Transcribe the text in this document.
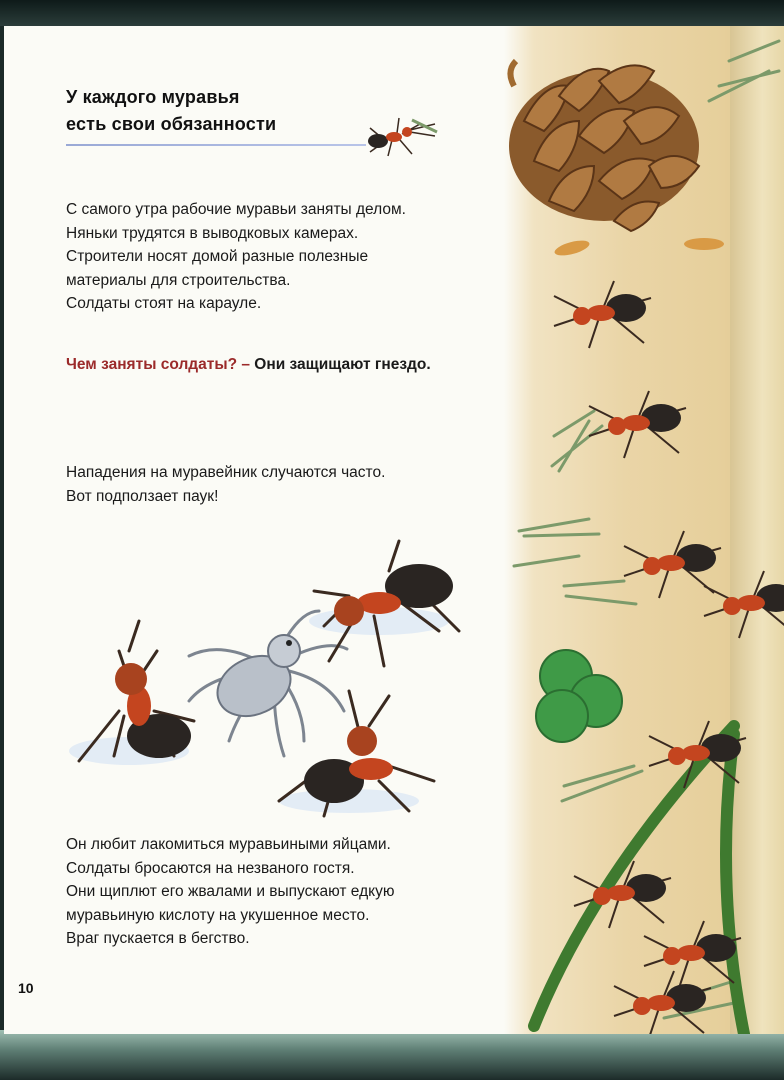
У каждого муравья
есть свои обязанности

С самого утра рабочие муравьи заняты делом.
Няньки трудятся в выводковых камерах.
Строители носят домой разные полезные
материалы для строительства.
Солдаты стоят на карауле.

Чем заняты солдаты? – Они защищают гнездо.

Нападения на муравейник случаются часто.
Вот подползает паук!

Он любит лакомиться муравьиными яйцами.
Солдаты бросаются на незваного гостя.
Они щиплют его жвалами и выпускают едкую
муравьиную кислоту на укушенное место.
Враг пускается в бегство.

10
